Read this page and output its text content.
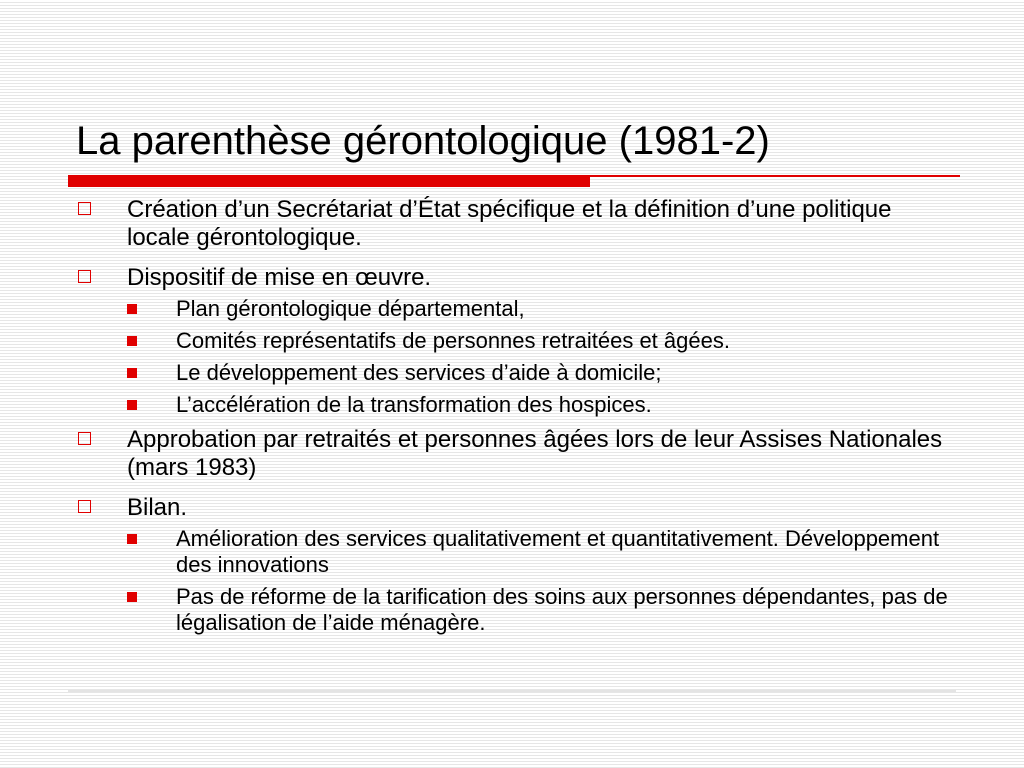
La parenthèse gérontologique (1981-2)
Création d’un Secrétariat d’État spécifique et la définition d’une politique locale gérontologique.
Dispositif de mise en œuvre.
Plan gérontologique départemental,
Comités représentatifs de personnes retraitées et âgées.
Le développement des services d’aide à domicile;
L’accélération de la transformation des hospices.
Approbation par retraités et personnes âgées lors de leur Assises Nationales (mars 1983)
Bilan.
Amélioration des services qualitativement et quantitativement. Développement des innovations
Pas de réforme de la tarification des soins aux personnes dépendantes, pas de légalisation de l’aide ménagère.
